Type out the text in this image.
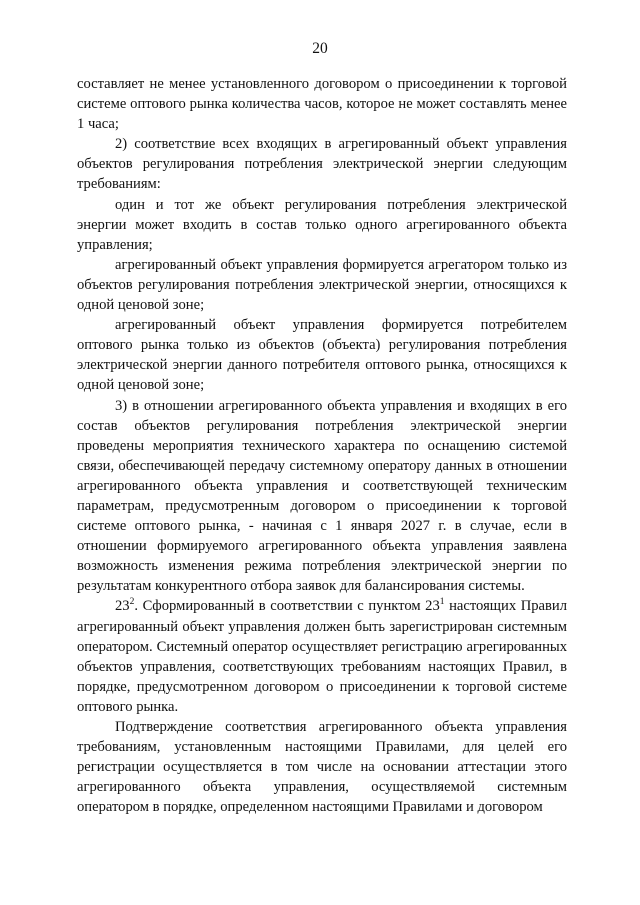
20

составляет не менее установленного договором о присоединении к торговой системе оптового рынка количества часов, которое не может составлять менее 1 часа;

2) соответствие всех входящих в агрегированный объект управления объектов регулирования потребления электрической энергии следующим требованиям:

один и тот же объект регулирования потребления электрической энергии может входить в состав только одного агрегированного объекта управления;

агрегированный объект управления формируется агрегатором только из объектов регулирования потребления электрической энергии, относящихся к одной ценовой зоне;

агрегированный объект управления формируется потребителем оптового рынка только из объектов (объекта) регулирования потребления электрической энергии данного потребителя оптового рынка, относящихся к одной ценовой зоне;

3) в отношении агрегированного объекта управления и входящих в его состав объектов регулирования потребления электрической энергии проведены мероприятия технического характера по оснащению системой связи, обеспечивающей передачу системному оператору данных в отношении агрегированного объекта управления и соответствующей техническим параметрам, предусмотренным договором о присоединении к торговой системе оптового рынка, - начиная с 1 января 2027 г. в случае, если в отношении формируемого агрегированного объекта управления заявлена возможность изменения режима потребления электрической энергии по результатам конкурентного отбора заявок для балансирования системы.

$23^2$. Сформированный в соответствии с пунктом $23^1$ настоящих Правил агрегированный объект управления должен быть зарегистрирован системным оператором. Системный оператор осуществляет регистрацию агрегированных объектов управления, соответствующих требованиям настоящих Правил, в порядке, предусмотренном договором о присоединении к торговой системе оптового рынка.

Подтверждение соответствия агрегированного объекта управления требованиям, установленным настоящими Правилами, для целей его регистрации осуществляется в том числе на основании аттестации этого агрегированного объекта управления, осуществляемой системным оператором в порядке, определенном настоящими Правилами и договором
